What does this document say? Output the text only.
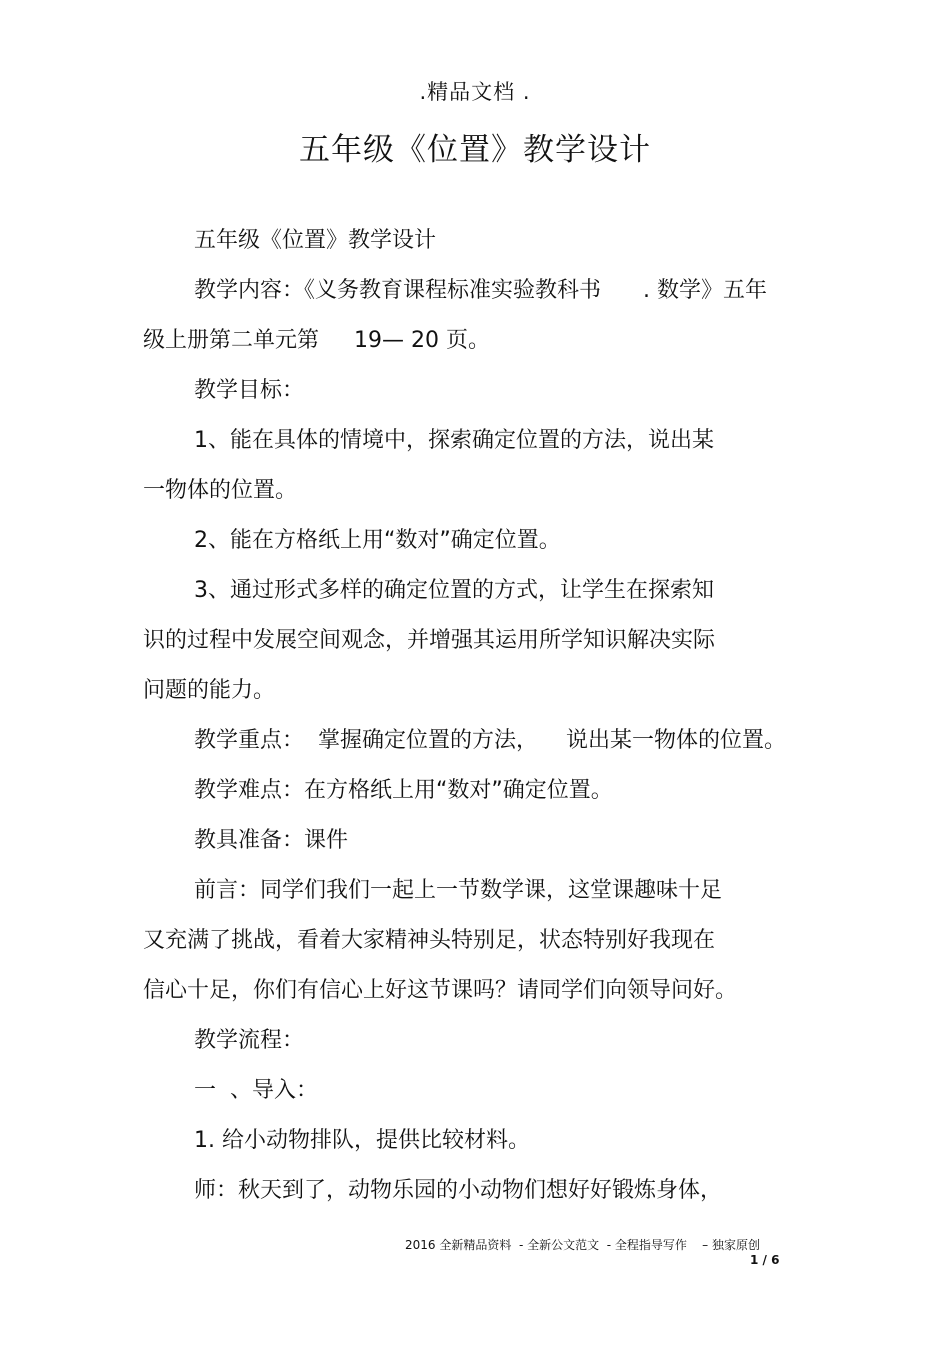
.精品文档 .
五年级《位置》教学设计
五年级《位置》教学设计
教学内容：《义务教育课程标准实验教科书      . 数学》五年
级上册第二单元第     19— 20 页。
教学目标：
1、能在具体的情境中，探索确定位置的方法，说出某
一物体的位置。
2、能在方格纸上用“数对”确定位置。
3、通过形式多样的确定位置的方式，让学生在探索知
识的过程中发展空间观念，并增强其运用所学知识解决实际
问题的能力。
教学重点：  掌握确定位置的方法，    说出某一物体的位置。
教学难点：在方格纸上用“数对”确定位置。
教具准备：课件
前言：同学们我们一起上一节数学课，这堂课趣味十足
又充满了挑战，看着大家精神头特别足，状态特别好我现在
信心十足，你们有信心上好这节课吗？请同学们向领导问好。
教学流程：
一  、导入：
1. 给小动物排队，提供比较材料。
师：秋天到了，动物乐园的小动物们想好好锻炼身体，
2016 全新精品资料  - 全新公文范文  - 全程指导写作    – 独家原创
1 / 6
